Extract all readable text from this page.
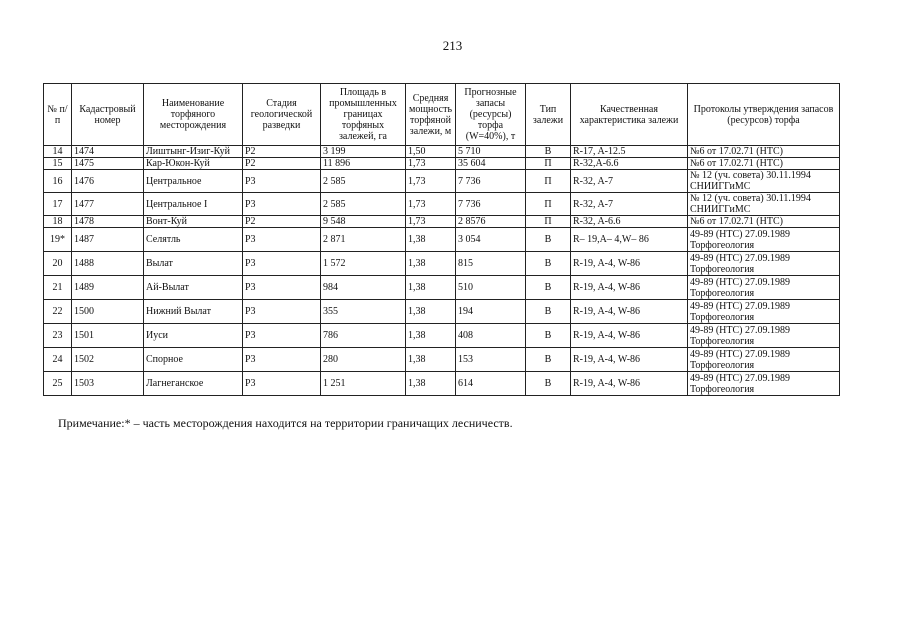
213
№ п/п	Кадастровый номер	Наименование торфяного месторождения	Стадия геологической разведки	Площадь в промышленных границах торфяных залежей, га	Средняя мощность торфяной залежи, м	Прогнозные запасы (ресурсы) торфа (W=40%), т	Тип залежи	Качественная характеристика залежи	Протоколы утверждения запасов (ресурсов) торфа
14	1474	Лиштынг-Изиг-Куй	Р2	3 199	1,50	5 710	В	R-17, A-12.5	№6 от 17.02.71 (НТС)

15	1475	Кар-Юкон-Куй	Р2	11 896	1,73	35 604	П	R-32,A-6.6	№6 от 17.02.71 (НТС)

16	1476	Центральное	Р3	2 585	1,73	7 736	П	R-32, A-7	№ 12 (уч. совета) 30.11.1994
СНИИГГиМС

17	1477	Центральное I	Р3	2 585	1,73	7 736	П	R-32, A-7	№ 12 (уч. совета) 30.11.1994
СНИИГГиМС

18	1478	Вонт-Куй	Р2	9 548	1,73	2 8576	П	R-32, A-6.6	№6 от 17.02.71 (НТС)

19*	1487	Селятль	Р3	2 871	1,38	3 054	В	R– 19,A– 4,W– 86	49-89 (НТС) 27.09.1989
Торфогеология

20	1488	Вылат	Р3	1 572	1,38	815	В	R-19, A-4, W-86	49-89 (НТС) 27.09.1989
Торфогеология

21	1489	Ай-Вылат	Р3	984	1,38	510	В	R-19, A-4, W-86	49-89 (НТС) 27.09.1989
Торфогеология

22	1500	Нижний Вылат	Р3	355	1,38	194	В	R-19, A-4, W-86	49-89 (НТС) 27.09.1989
Торфогеология

23	1501	Иуси	Р3	786	1,38	408	В	R-19, A-4, W-86	49-89 (НТС) 27.09.1989
Торфогеология

24	1502	Спорное	Р3	280	1,38	153	В	R-19, A-4, W-86	49-89 (НТС) 27.09.1989
Торфогеология

25	1503	Лагнеганское	Р3	1 251	1,38	614	В	R-19, A-4, W-86	49-89 (НТС) 27.09.1989
Торфогеология
Примечание:* – часть месторождения находится на территории граничащих лесничеств.
